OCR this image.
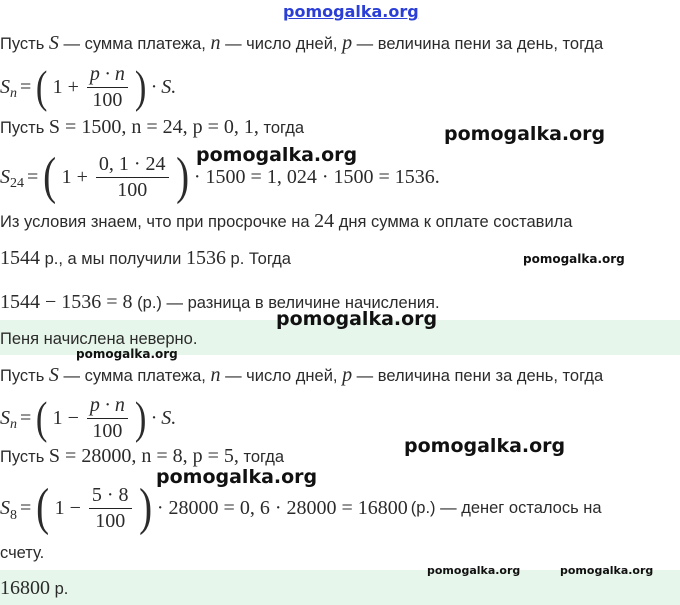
pomogalka.org
Пусть S — сумма платежа, n — число дней, p — величина пени за день, тогда
S n = ( $1 + \frac{p \cdot n}{100}$ ) · S.
Пусть S = 1500, n = 24, p = 0, 1, тогда
S 24 = ( $1 + \frac{0, 1 \cdot 24}{100}$ ) · 1500 = 1, 024 · 1500 = 1536.
Из условия знаем, что при просрочке на 24 дня сумма к оплате составила
1544 р., а мы получили 1536 р. Тогда
1544 − 1536 = 8 (р.) — разница в величине начисления.
Пеня начислена неверно.
Пусть S — сумма платежа, n — число дней, p — величина пени за день, тогда
S n = ( $1 - \frac{p \cdot n}{100}$ ) · S.
Пусть S = 28000, n = 8, p = 5, тогда
S 8 = ( $1 - \frac{5 \cdot 8}{100}$ ) · 28000 = 0, 6 · 28000 = 16800 (р.) — денег осталось на
счету.
16800 р.
pomogalka.org
pomogalka.org
pomogalka.org
pomogalka.org
pomogalka.org
pomogalka.org
pomogalka.org
pomogalka.org	pomogalka.org
